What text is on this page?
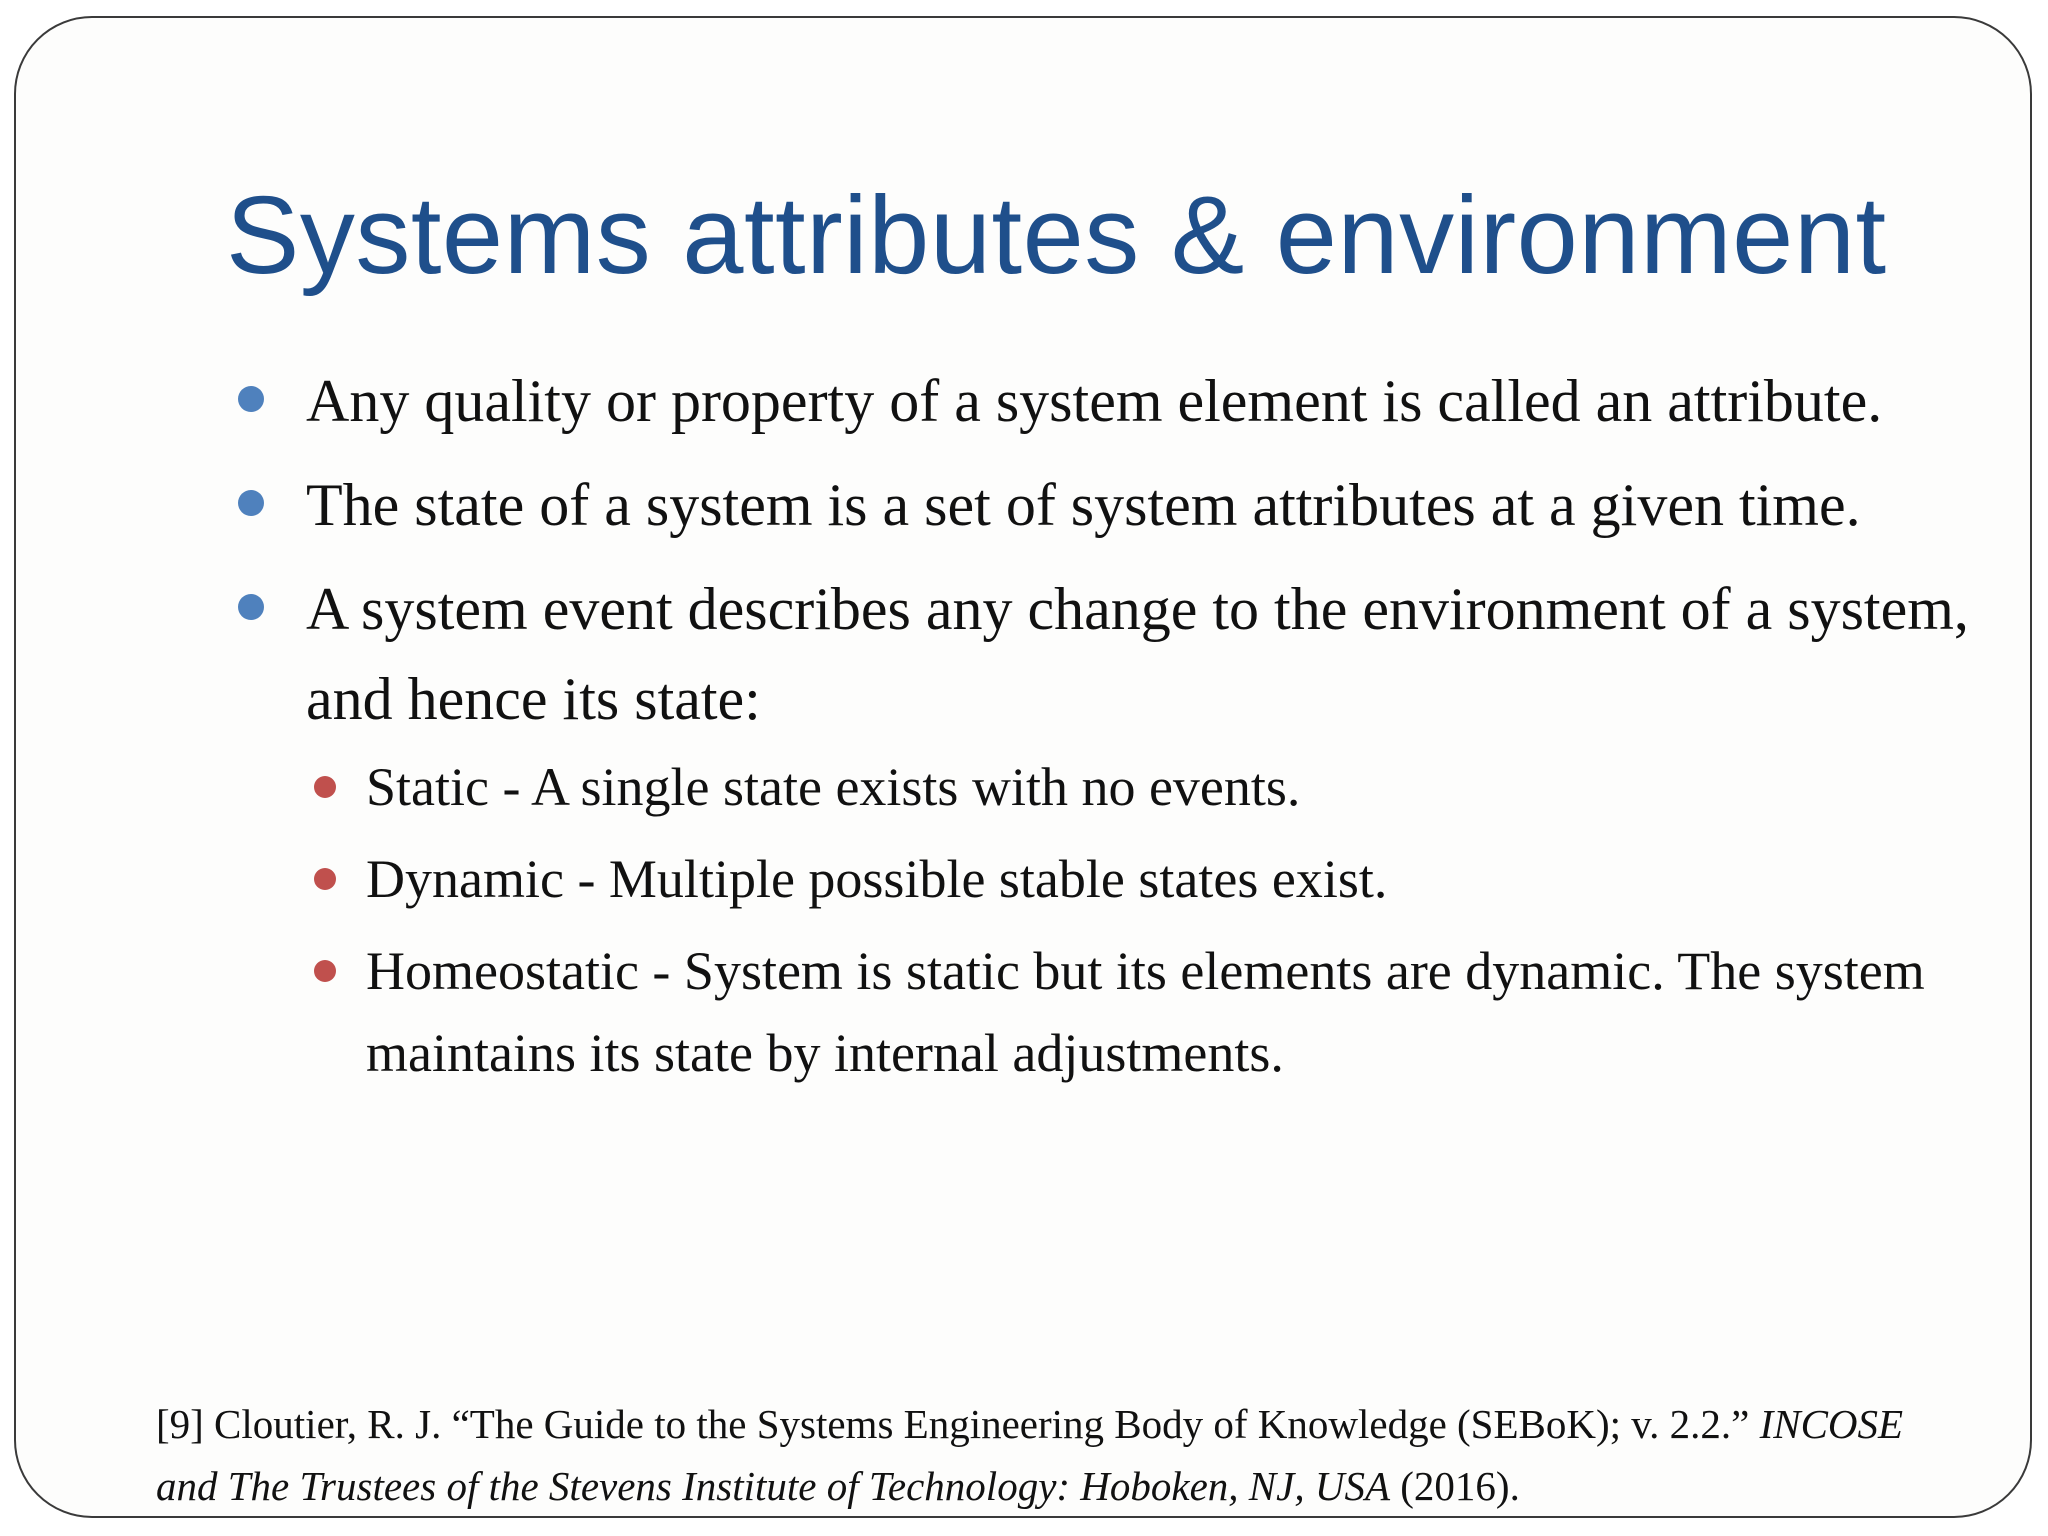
Systems attributes & environment
Any quality or property of a system element is called an attribute.
The state of a system is a set of system attributes at a given time.
A system event describes any change to the environment of a system, and hence its state:
Static - A single state exists with no events.
Dynamic - Multiple possible stable states exist.
Homeostatic - System is static but its elements are dynamic. The system maintains its state by internal adjustments.
[9] Cloutier, R. J. “The Guide to the Systems Engineering Body of Knowledge (SEBoK); v. 2.2.” INCOSE and The Trustees of the Stevens Institute of Technology: Hoboken, NJ, USA (2016).
